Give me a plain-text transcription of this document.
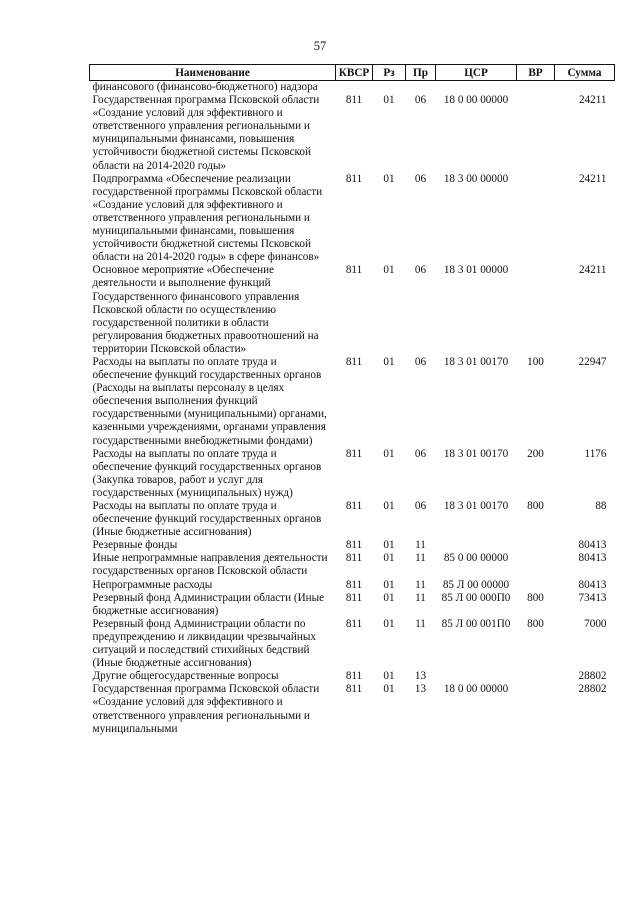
57
Наименование	КВСР	Рз	Пр	ЦСР	ВР	Сумма
финансового (финансово-бюджетного) надзора						
Государственная программа Псковской области «Создание условий для эффективного и ответственного управления региональными и муниципальными финансами, повышения устойчивости бюджетной системы Псковской области на 2014-2020 годы»	811	01	06	18 0 00 00000		24211
Подпрограмма «Обеспечение реализации государственной программы Псковской области «Создание условий для эффективного и ответственного управления региональными и муниципальными финансами, повышения устойчивости бюджетной системы Псковской области на 2014-2020 годы» в сфере финансов»	811	01	06	18 3 00 00000		24211
Основное мероприятие «Обеспечение деятельности и выполнение функций Государственного финансового управления Псковской области по осуществлению государственной политики в области регулирования бюджетных правоотношений на территории Псковской области»	811	01	06	18 3 01 00000		24211
Расходы на выплаты по оплате труда и обеспечение функций государственных органов (Расходы на выплаты персоналу в целях обеспечения выполнения функций государственными (муниципальными) органами, казенными учреждениями, органами управления государственными внебюджетными фондами)	811	01	06	18 3 01 00170	100	22947
Расходы на выплаты по оплате труда и обеспечение функций государственных органов (Закупка товаров, работ и услуг для государственных (муниципальных) нужд)	811	01	06	18 3 01 00170	200	1176
Расходы на выплаты по оплате труда и обеспечение функций государственных органов (Иные бюджетные ассигнования)	811	01	06	18 3 01 00170	800	88
Резервные фонды	811	01	11			80413
Иные непрограммные направления деятельности государственных органов Псковской области	811	01	11	85 0 00 00000		80413
Непрограммные расходы	811	01	11	85 Л 00 00000		80413
Резервный фонд Администрации области (Иные бюджетные ассигнования)	811	01	11	85 Л 00 000П0	800	73413
Резервный фонд Администрации области по предупреждению и ликвидации чрезвычайных ситуаций и последствий стихийных бедствий (Иные бюджетные ассигнования)	811	01	11	85 Л 00 001П0	800	7000
Другие общегосударственные вопросы	811	01	13			28802
Государственная программа Псковской области «Создание условий для эффективного и ответственного управления региональными и муниципальными	811	01	13	18 0 00 00000		28802
